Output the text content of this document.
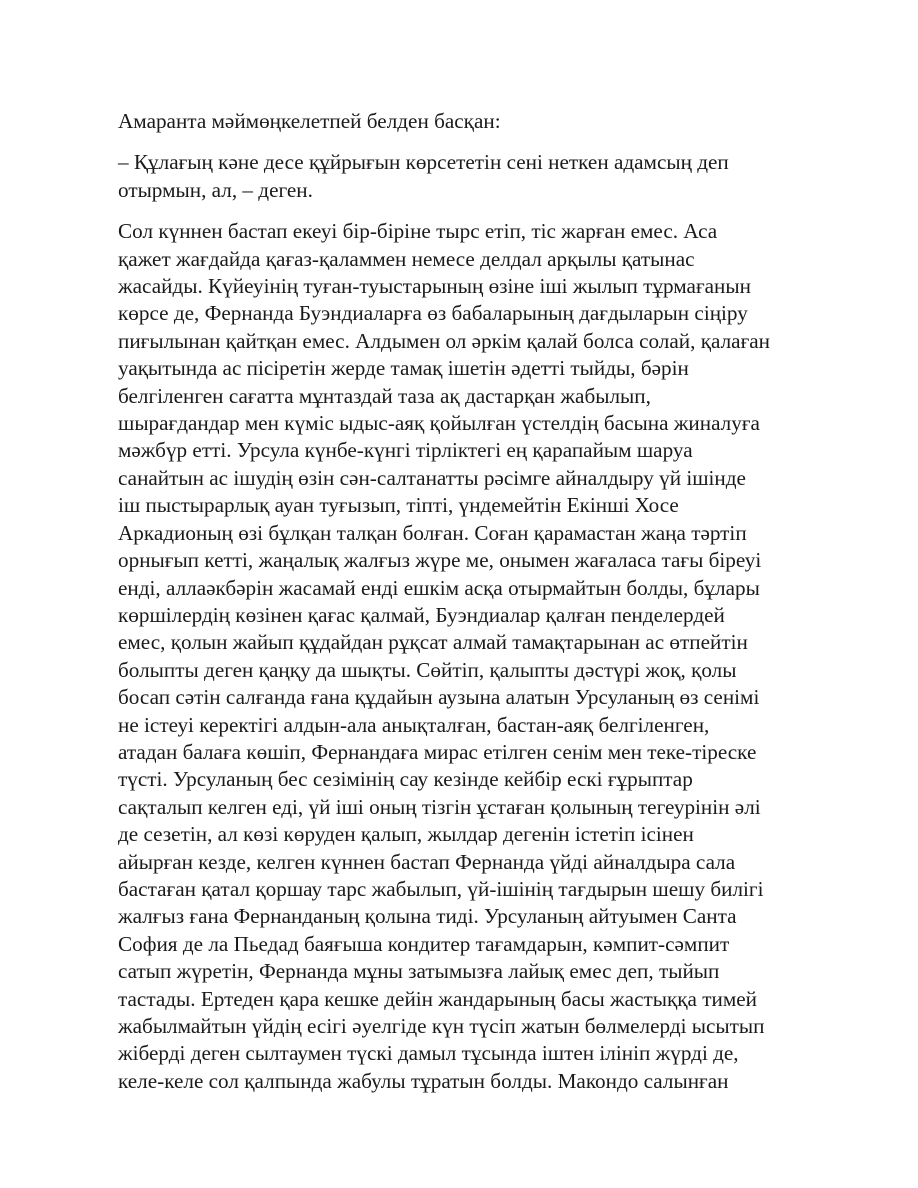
Амаранта мәймөңкелетпей белден басқан:

– Құлағың кәне десе құйрығын көрсететін сені неткен адамсың деп
отырмын, ал, – деген.

Сол күннен бастап екеуі бір-біріне тырс етіп, тіс жарған емес. Аса
қажет жағдайда қағаз-қаламмен немесе делдал арқылы қатынас
жасайды. Күйеуінің туған-туыстарының өзіне іші жылып тұрмағанын
көрсе де, Фернанда Буэндиаларға өз бабаларының дағдыларын сіңіру
пиғылынан қайтқан емес. Алдымен ол әркім қалай болса солай, қалаған
уақытында ас пісіретін жерде тамақ ішетін әдетті тыйды, бәрін
белгіленген сағатта мұнтаздай таза ақ дастарқан жабылып,
шырағдандар мен күміс ыдыс-аяқ қойылған үстелдің басына жиналуға
мәжбүр етті. Урсула күнбе-күнгі тірліктегі ең қарапайым шаруа
санайтын ас ішудің өзін сән-салтанатты рәсімге айналдыру үй ішінде
іш пыстырарлық ауан туғызып, тіпті, үндемейтін Екінші Хосе
Аркадионың өзі бұлқан талқан болған. Соған қарамастан жаңа тәртіп
орнығып кетті, жаңалық жалғыз жүре ме, онымен жағаласа тағы біреуі
енді, аллаәкбәрін жасамай енді ешкім асқа отырмайтын болды, бұлары
көршілердің көзінен қағас қалмай, Буэндиалар қалған пенделердей
емес, қолын жайып құдайдан рұқсат алмай тамақтарынан ас өтпейтін
болыпты деген қаңқу да шықты. Сөйтіп, қалыпты дәстүрі жоқ, қолы
босап сәтін салғанда ғана құдайын аузына алатын Урсуланың өз сенімі
не істеуі керектігі алдын-ала анықталған, бастан-аяқ белгіленген,
атадан балаға көшіп, Фернандаға мирас етілген сенім мен теке-тіреске
түсті. Урсуланың бес сезімінің сау кезінде кейбір ескі ғұрыптар
сақталып келген еді, үй іші оның тізгін ұстаған қолының тегеурінін әлі
де сезетін, ал көзі көруден қалып, жылдар дегенін істетіп ісінен
айырған кезде, келген күннен бастап Фернанда үйді айналдыра сала
бастаған қатал қоршау тарс жабылып, үй-ішінің тағдырын шешу билігі
жалғыз ғана Фернанданың қолына тиді. Урсуланың айтуымен Санта
София де ла Пьедад баяғыша кондитер тағамдарын, кәмпит-сәмпит
сатып жүретін, Фернанда мұны затымызға лайық емес деп, тыйып
тастады. Ертеден қара кешке дейін жандарының басы жастыққа тимей
жабылмайтын үйдің есігі әуелгіде күн түсіп жатын бөлмелерді ысытып
жіберді деген сылтаумен түскі дамыл тұсында іштен ілініп жүрді де,
келе-келе сол қалпында жабулы тұратын болды. Макондо салынған
